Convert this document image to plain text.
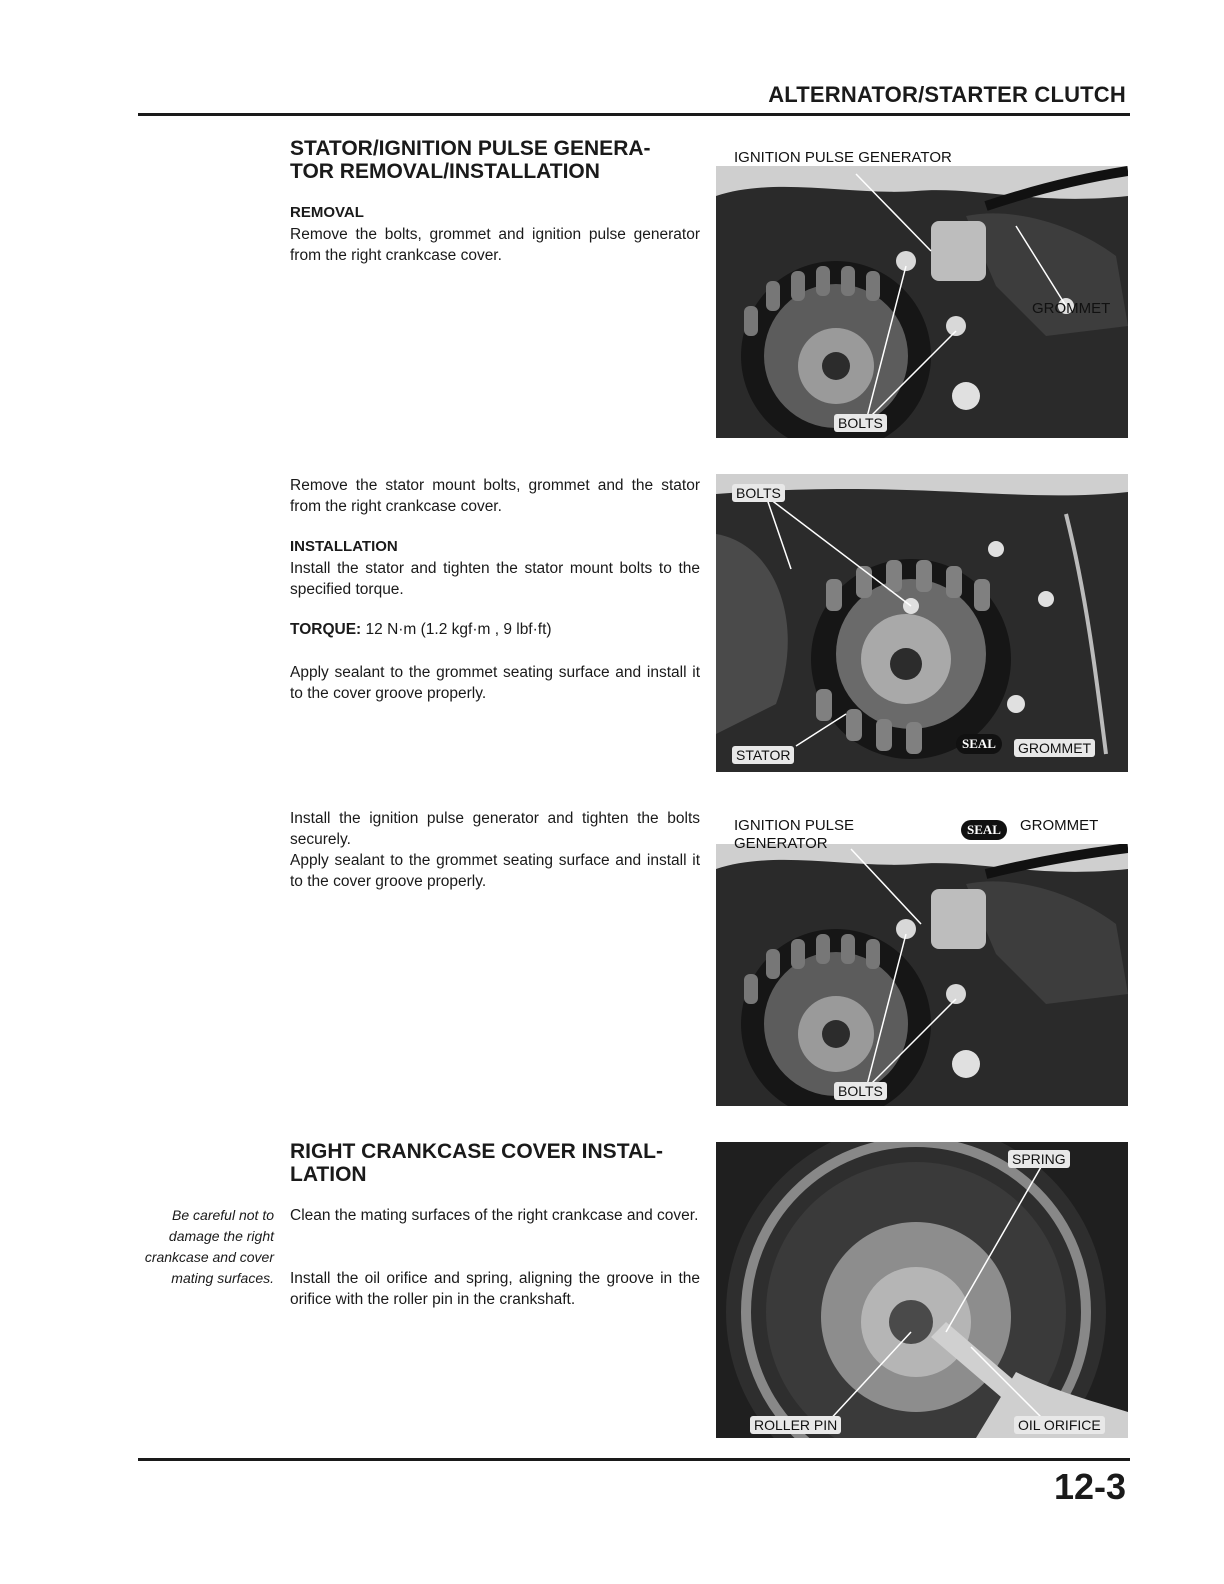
ALTERNATOR/STARTER CLUTCH
STATOR/IGNITION PULSE GENERA-
TOR REMOVAL/INSTALLATION
REMOVAL

Remove the bolts, grommet and ignition pulse generator from the right crankcase cover.

Remove the stator mount bolts, grommet and the stator from the right crankcase cover.

INSTALLATION

Install the stator and tighten the stator mount bolts to the specified torque.

TORQUE: 12 N·m (1.2 kgf·m , 9 lbf·ft)

Apply sealant to the grommet seating surface and install it to the cover groove properly.

Install the ignition pulse generator and tighten the bolts securely.

Apply sealant to the grommet seating surface and install it to the cover groove properly.

RIGHT CRANKCASE COVER INSTAL-
LATION
Be careful not to damage the right crankcase and cover mating surfaces.

Clean the mating surfaces of the right crankcase and cover.

Install the oil orifice and spring, aligning the groove in the orifice with the roller pin in the crankshaft.

IGNITION PULSE GENERATOR
GROMMET
BOLTS
BOLTS
STATOR
SEAL	GROMMET
IGNITION PULSE
GENERATOR
SEAL	GROMMET
BOLTS
SPRING
ROLLER PIN	OIL ORIFICE
12-3
